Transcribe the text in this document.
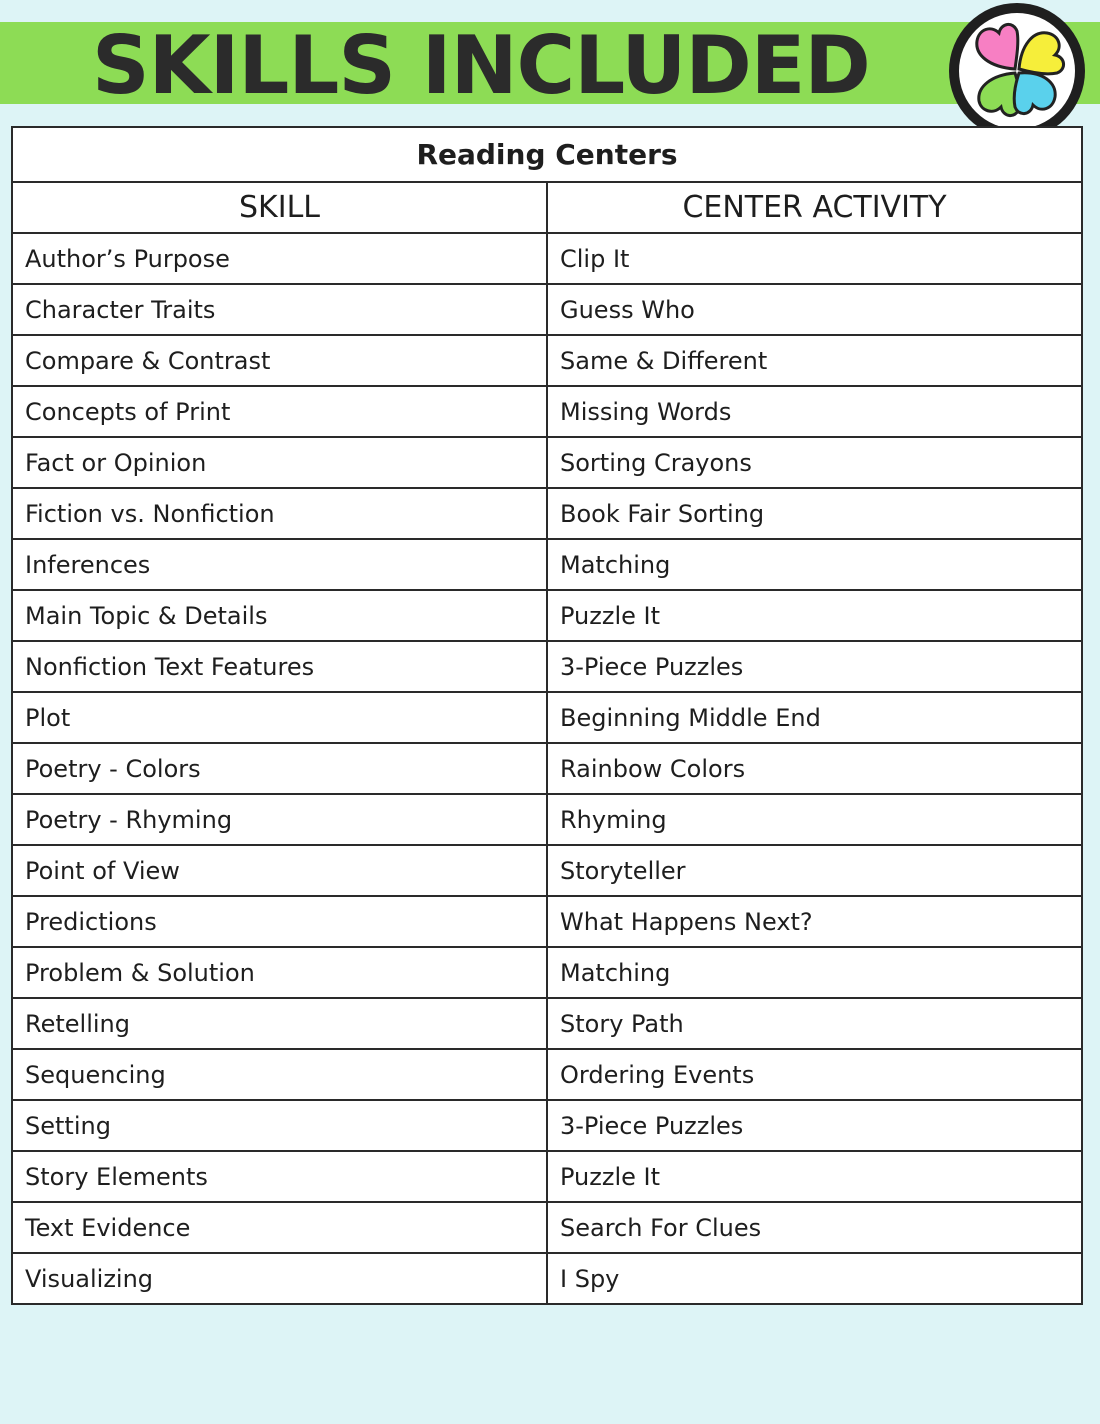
SKILLS INCLUDED
Reading Centers	
SKILL	CENTER ACTIVITY
Author’s Purpose	Clip It
Character Traits	Guess Who
Compare & Contrast	Same & Different
Concepts of Print	Missing Words
Fact or Opinion	Sorting Crayons
Fiction vs. Nonfiction	Book Fair Sorting
Inferences	Matching
Main Topic & Details	Puzzle It
Nonfiction Text Features	3-Piece Puzzles
Plot	Beginning Middle End
Poetry - Colors	Rainbow Colors
Poetry - Rhyming	Rhyming
Point of View	Storyteller
Predictions	What Happens Next?
Problem & Solution	Matching
Retelling	Story Path
Sequencing	Ordering Events
Setting	3-Piece Puzzles
Story Elements	Puzzle It
Text Evidence	Search For Clues
Visualizing	I Spy
